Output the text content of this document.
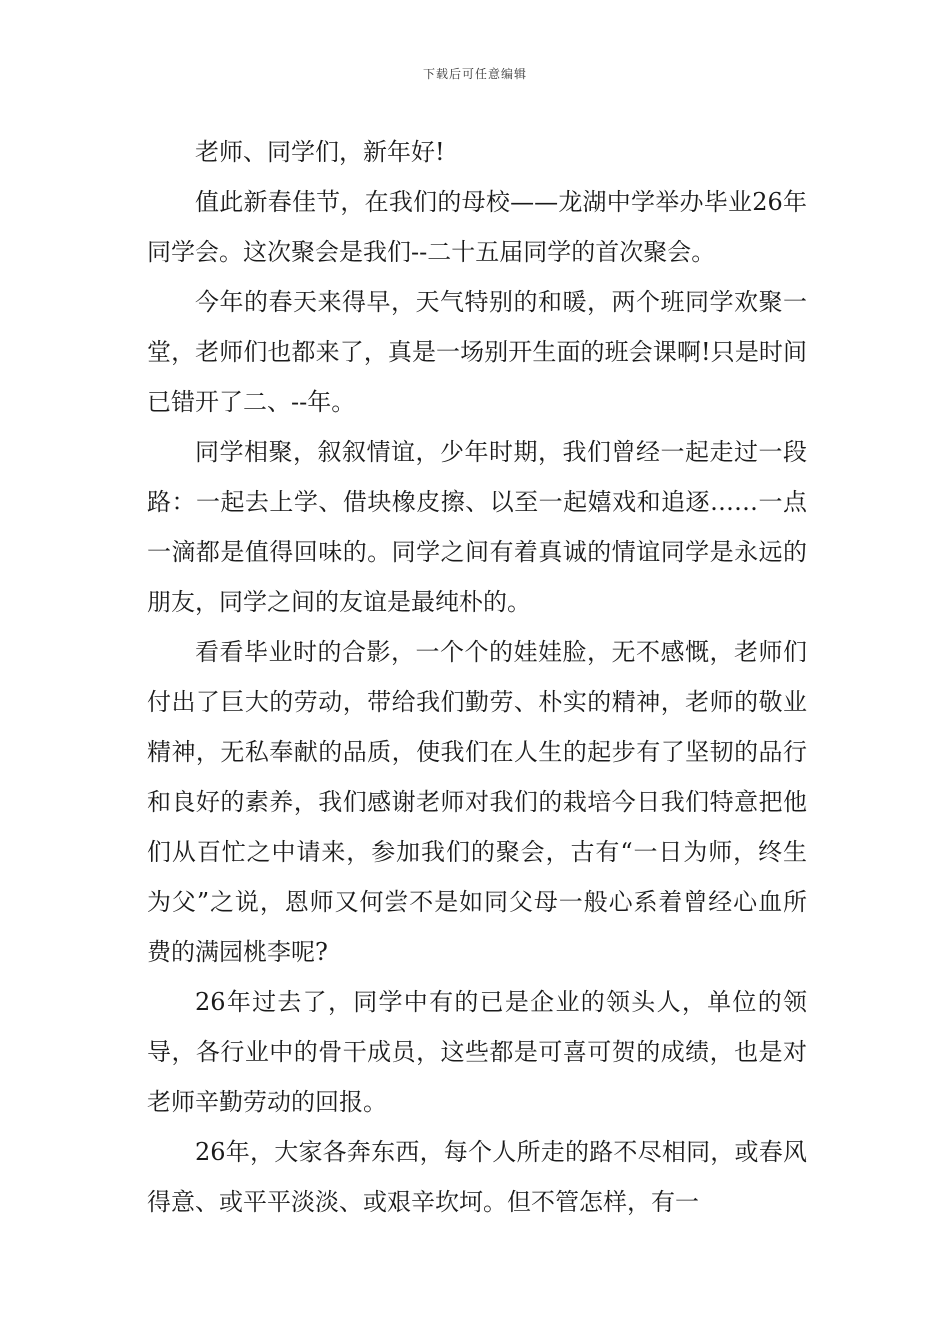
下载后可任意编辑

老师、同学们，新年好!

值此新春佳节，在我们的母校——龙湖中学举办毕业26年同学会。这次聚会是我们--二十五届同学的首次聚会。

今年的春天来得早，天气特别的和暖，两个班同学欢聚一堂，老师们也都来了，真是一场别开生面的班会课啊!只是时间已错开了二、--年。

同学相聚，叙叙情谊，少年时期，我们曾经一起走过一段路：一起去上学、借块橡皮擦、以至一起嬉戏和追逐……一点一滴都是值得回味的。同学之间有着真诚的情谊同学是永远的朋友，同学之间的友谊是最纯朴的。

看看毕业时的合影，一个个的娃娃脸，无不感慨，老师们付出了巨大的劳动，带给我们勤劳、朴实的精神，老师的敬业精神，无私奉献的品质，使我们在人生的起步有了坚韧的品行和良好的素养，我们感谢老师对我们的栽培今日我们特意把他们从百忙之中请来，参加我们的聚会，古有“一日为师，终生为父”之说，恩师又何尝不是如同父母一般心系着曾经心血所费的满园桃李呢?

26年过去了，同学中有的已是企业的领头人，单位的领导，各行业中的骨干成员，这些都是可喜可贺的成绩，也是对老师辛勤劳动的回报。

26年，大家各奔东西，每个人所走的路不尽相同，或春风得意、或平平淡淡、或艰辛坎坷。但不管怎样，有一
